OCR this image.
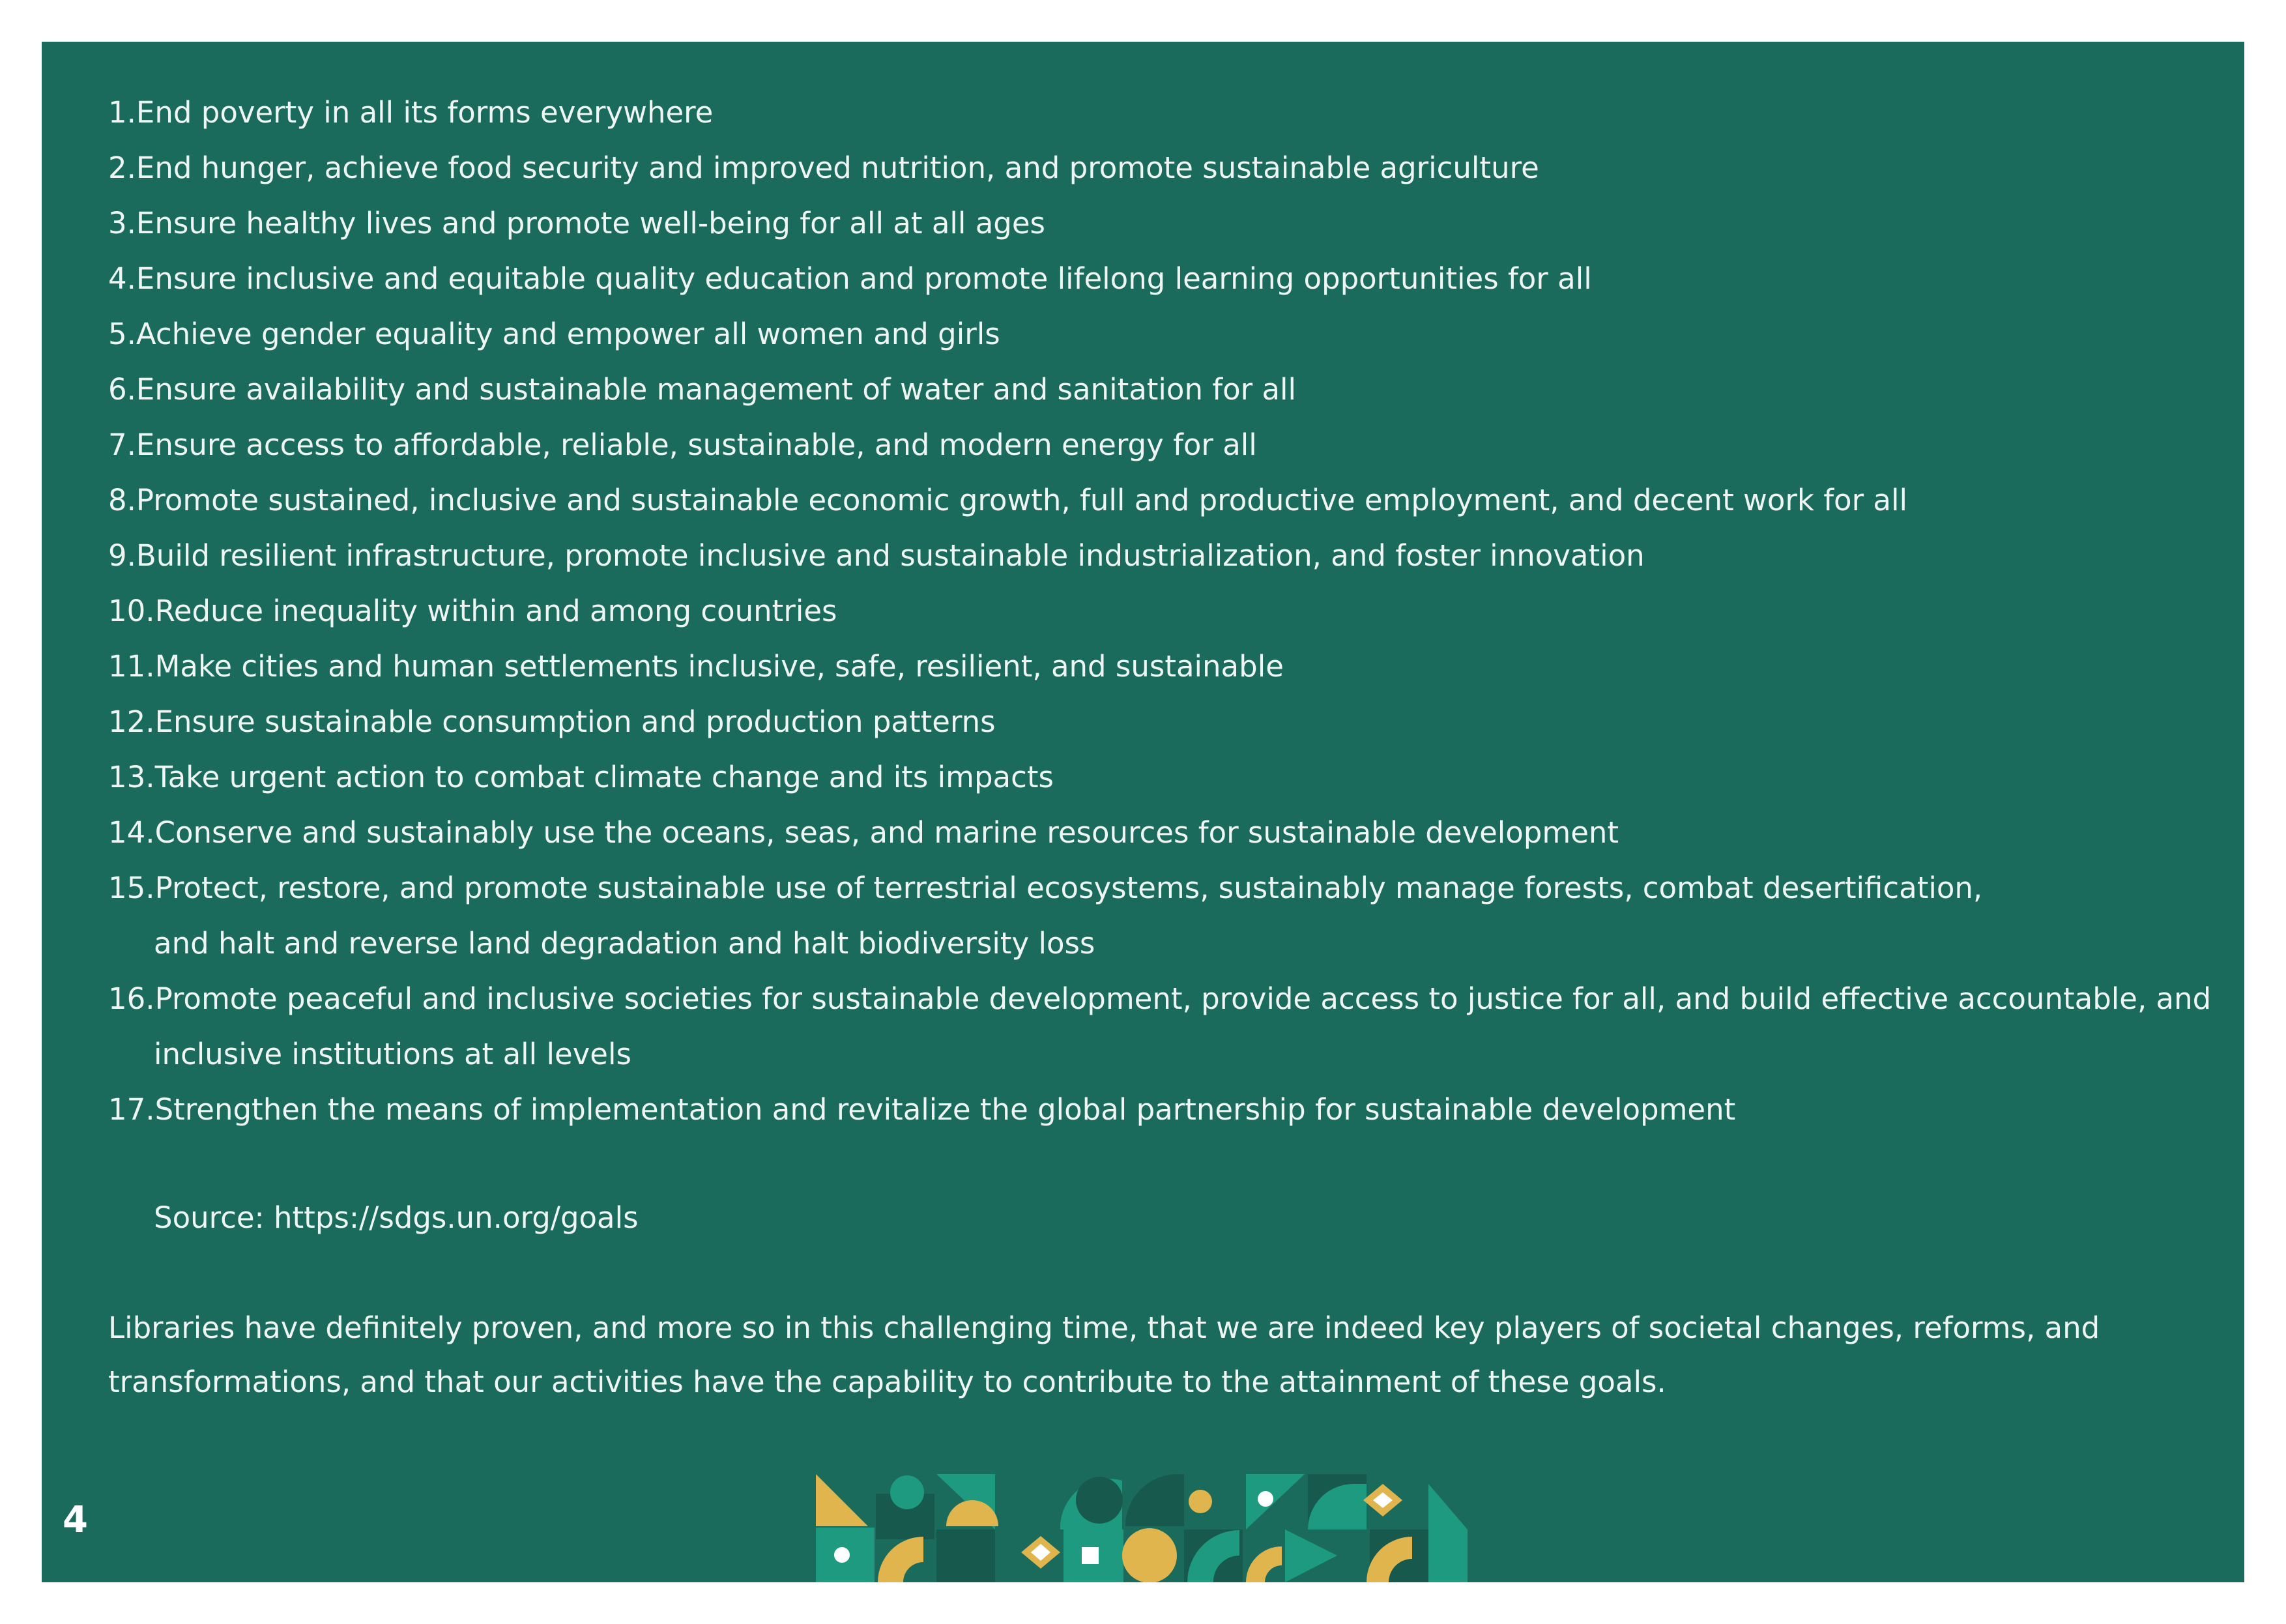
1.End poverty in all its forms everywhere
2.End hunger, achieve food security and improved nutrition, and promote sustainable agriculture
3.Ensure healthy lives and promote well-being for all at all ages
4.Ensure inclusive and equitable quality education and promote lifelong learning opportunities for all
5.Achieve gender equality and empower all women and girls
6.Ensure availability and sustainable management of water and sanitation for all
7.Ensure access to affordable, reliable, sustainable, and modern energy for all
8.Promote sustained, inclusive and sustainable economic growth, full and productive employment, and decent work for all
9.Build resilient infrastructure, promote inclusive and sustainable industrialization, and foster innovation
10.Reduce inequality within and among countries
11.Make cities and human settlements inclusive, safe, resilient, and sustainable
12.Ensure sustainable consumption and production patterns
13.Take urgent action to combat climate change and its impacts
14.Conserve and sustainably use the oceans, seas, and marine resources for sustainable development
15.Protect, restore, and promote sustainable use of terrestrial ecosystems, sustainably manage forests, combat desertification, and halt and reverse land degradation and halt biodiversity loss
16.Promote peaceful and inclusive societies for sustainable development, provide access to justice for all, and build effective accountable, and inclusive institutions at all levels
17.Strengthen the means of implementation and revitalize the global partnership for sustainable development
Source: https://sdgs.un.org/goals

Libraries have definitely proven, and more so in this challenging time, that we are indeed key players of societal changes, reforms, and transformations, and that our activities have the capability to contribute to the attainment of these goals.

4
